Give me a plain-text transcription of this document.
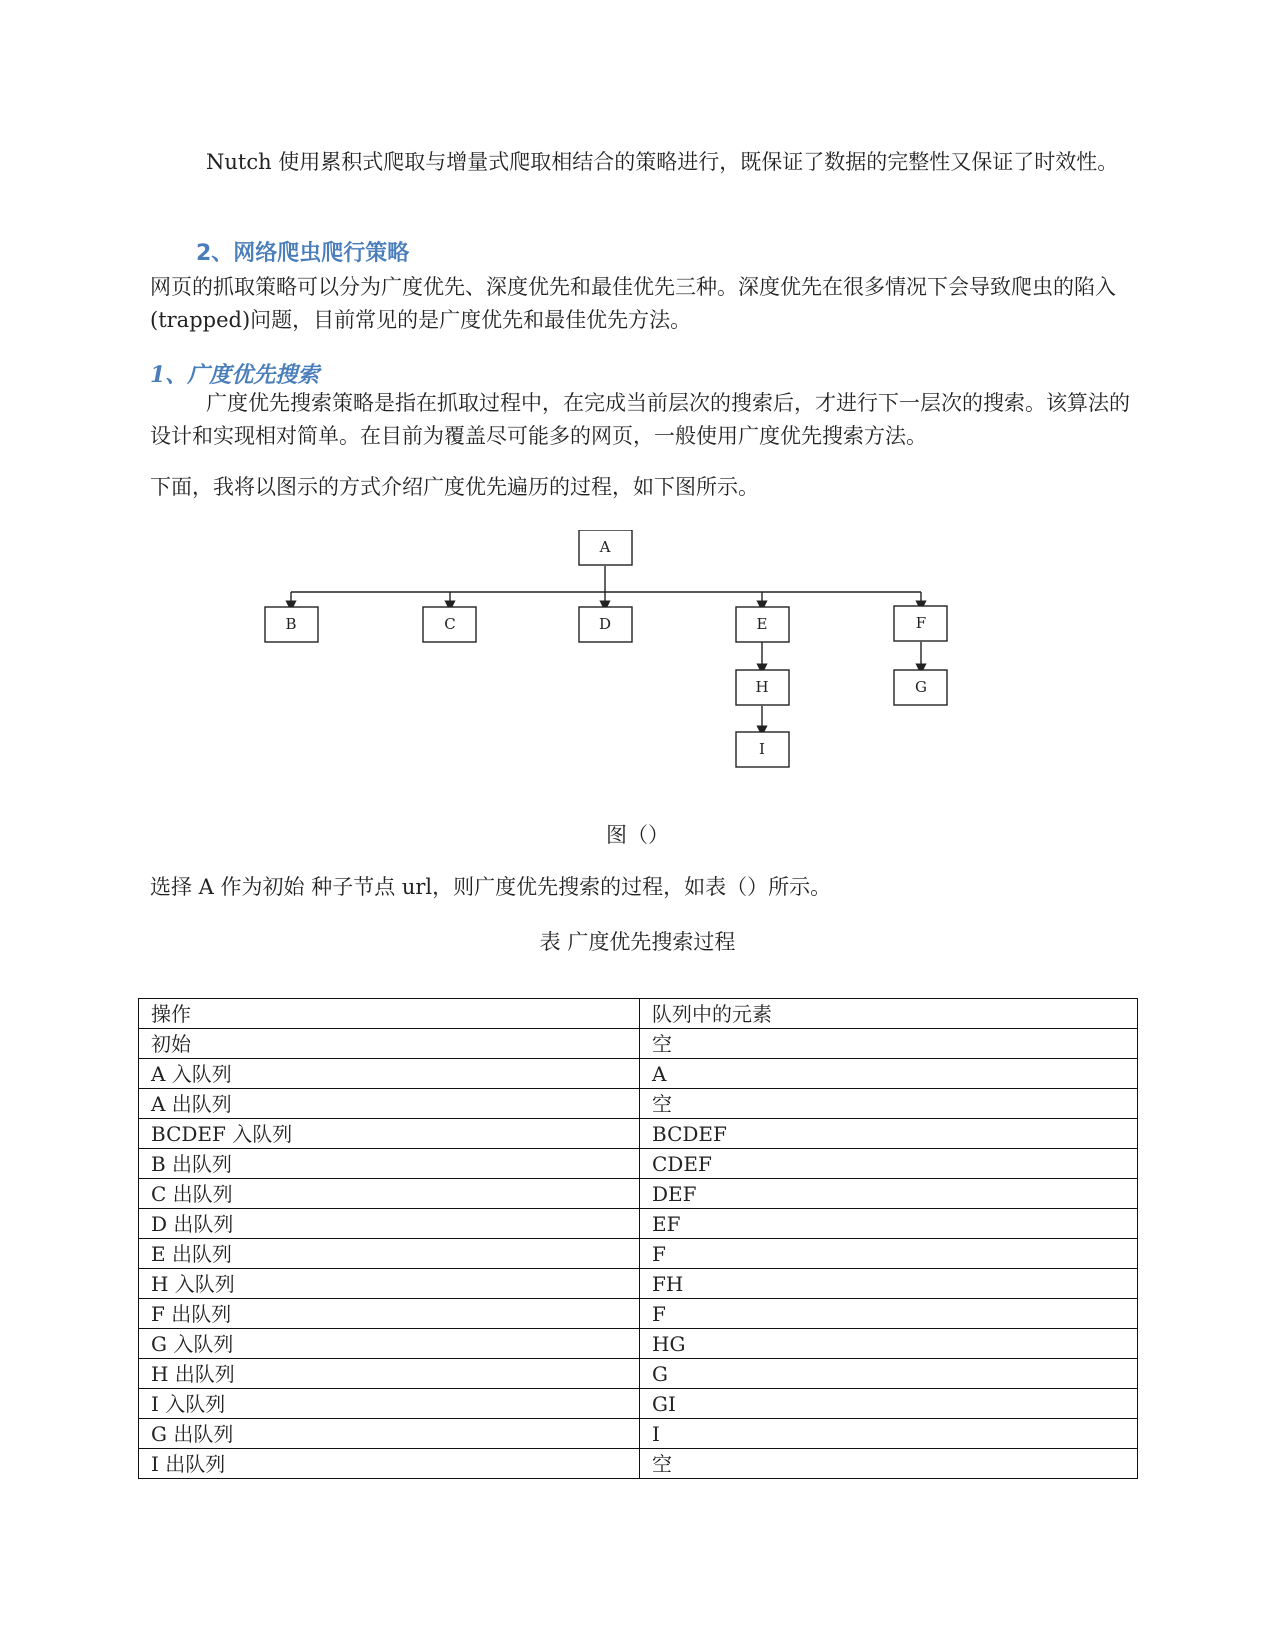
Nutch 使用累积式爬取与增量式爬取相结合的策略进行，既保证了数据的完整性又保证了时效性。

2、网络爬虫爬行策略

网页的抓取策略可以分为广度优先、深度优先和最佳优先三种。深度优先在很多情况下会导致爬虫的陷入(trapped)问题，目前常见的是广度优先和最佳优先方法。

1、广度优先搜索

广度优先搜索策略是指在抓取过程中，在完成当前层次的搜索后，才进行下一层次的搜索。该算法的设计和实现相对简单。在目前为覆盖尽可能多的网页，一般使用广度优先搜索方法。

下面，我将以图示的方式介绍广度优先遍历的过程，如下图所示。

A
B	C	D	E	F
H	G
I

图（）

选择 A 作为初始 种子节点 url，则广度优先搜索的过程，如表（）所示。

表 广度优先搜索过程

操作	队列中的元素
初始	空
A 入队列	A
A 出队列	空
BCDEF 入队列	BCDEF
B 出队列	CDEF
C 出队列	DEF
D 出队列	EF
E 出队列	F
H 入队列	FH
F 出队列	F
G 入队列	HG
H 出队列	G
I 入队列	GI
G 出队列	I
I 出队列	空
